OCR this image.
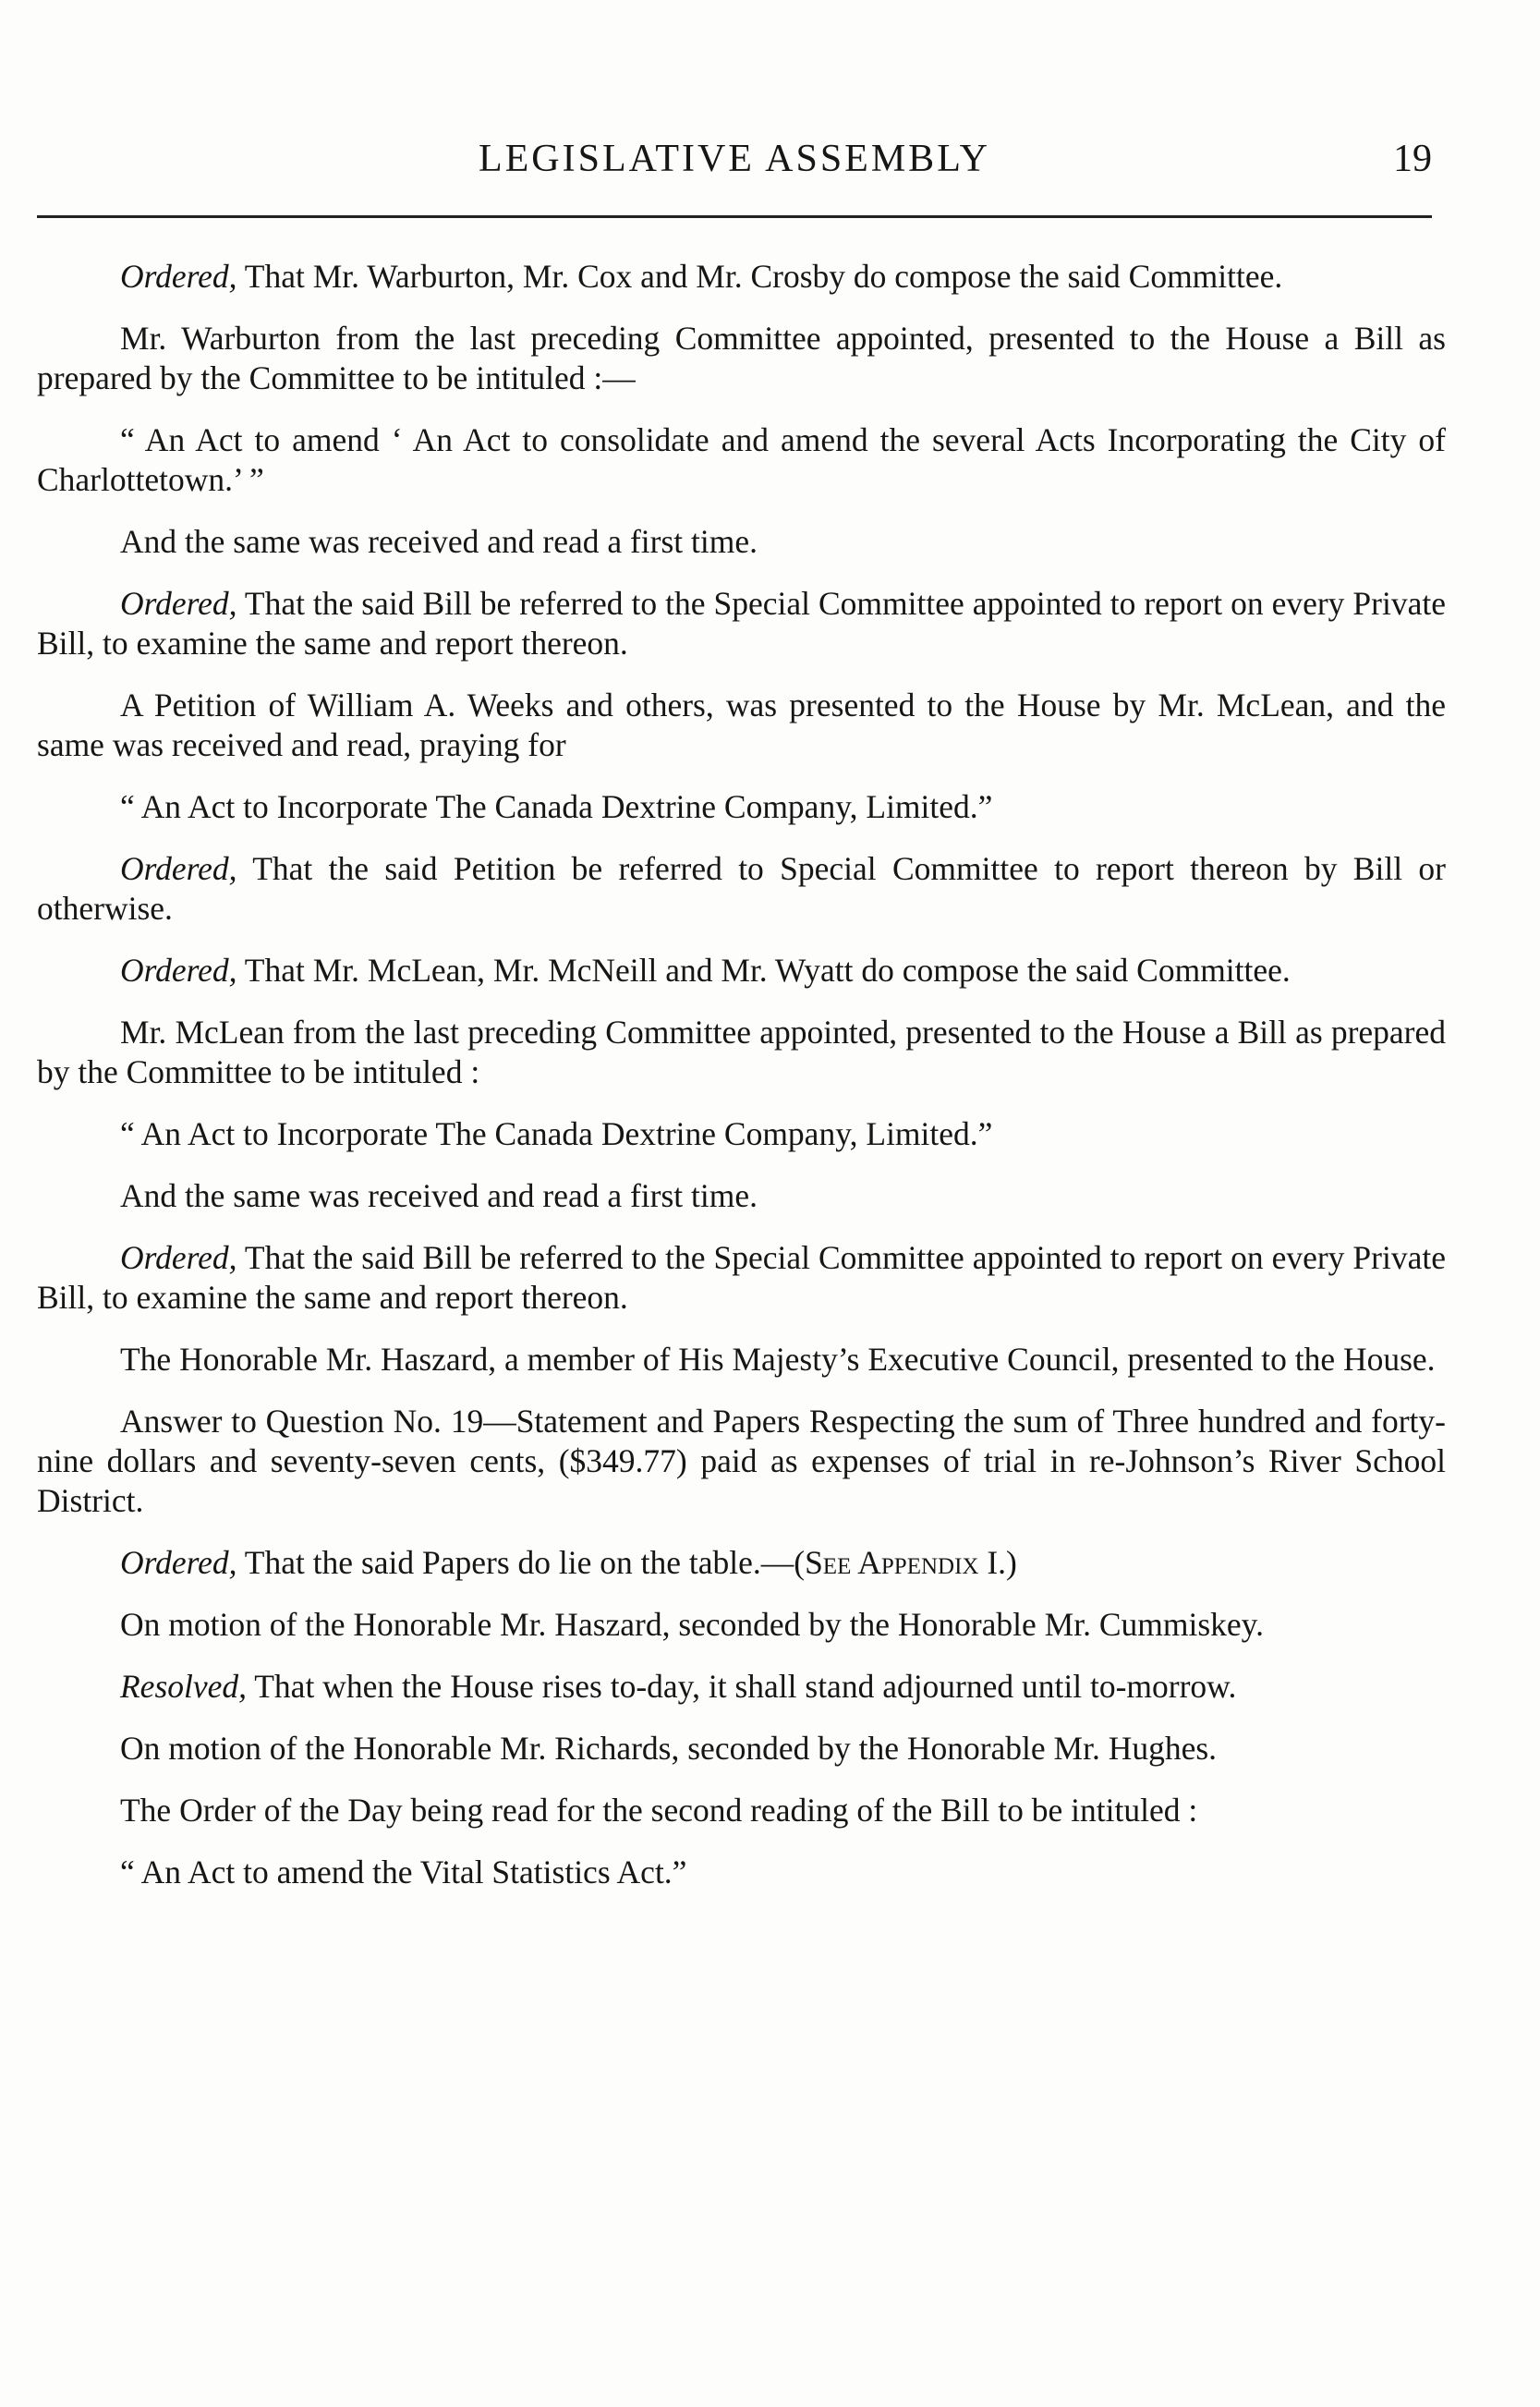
LEGISLATIVE ASSEMBLY	19

Ordered, That Mr. Warburton, Mr. Cox and Mr. Crosby do compose the said Committee.

Mr. Warburton from the last preceding Committee appointed, presented to the House a Bill as prepared by the Committee to be intituled :—

“ An Act to amend ‘ An Act to consolidate and amend the several Acts Incorporating the City of Charlottetown.’ ”

And the same was received and read a first time.

Ordered, That the said Bill be referred to the Special Committee appointed to report on every Private Bill, to examine the same and report thereon.

A Petition of William A. Weeks and others, was presented to the House by Mr. McLean, and the same was received and read, praying for

“ An Act to Incorporate The Canada Dextrine Company, Limited.”

Ordered, That the said Petition be referred to Special Committee to report thereon by Bill or otherwise.

Ordered, That Mr. McLean, Mr. McNeill and Mr. Wyatt do compose the said Committee.

Mr. McLean from the last preceding Committee appointed, presented to the House a Bill as prepared by the Committee to be intituled :

“ An Act to Incorporate The Canada Dextrine Company, Limited.”

And the same was received and read a first time.

Ordered, That the said Bill be referred to the Special Committee appointed to report on every Private Bill, to examine the same and report thereon.

The Honorable Mr. Haszard, a member of His Majesty’s Executive Council, presented to the House.

Answer to Question No. 19—Statement and Papers Respecting the sum of Three hundred and forty-nine dollars and seventy-seven cents, ($349.77) paid as expenses of trial in re-Johnson’s River School District.

Ordered, That the said Papers do lie on the table.—(See Appendix I.)

On motion of the Honorable Mr. Haszard, seconded by the Honorable Mr. Cummiskey.

Resolved, That when the House rises to-day, it shall stand adjourned until to-morrow.

On motion of the Honorable Mr. Richards, seconded by the Honorable Mr. Hughes.

The Order of the Day being read for the second reading of the Bill to be intituled :

“ An Act to amend the Vital Statistics Act.”
